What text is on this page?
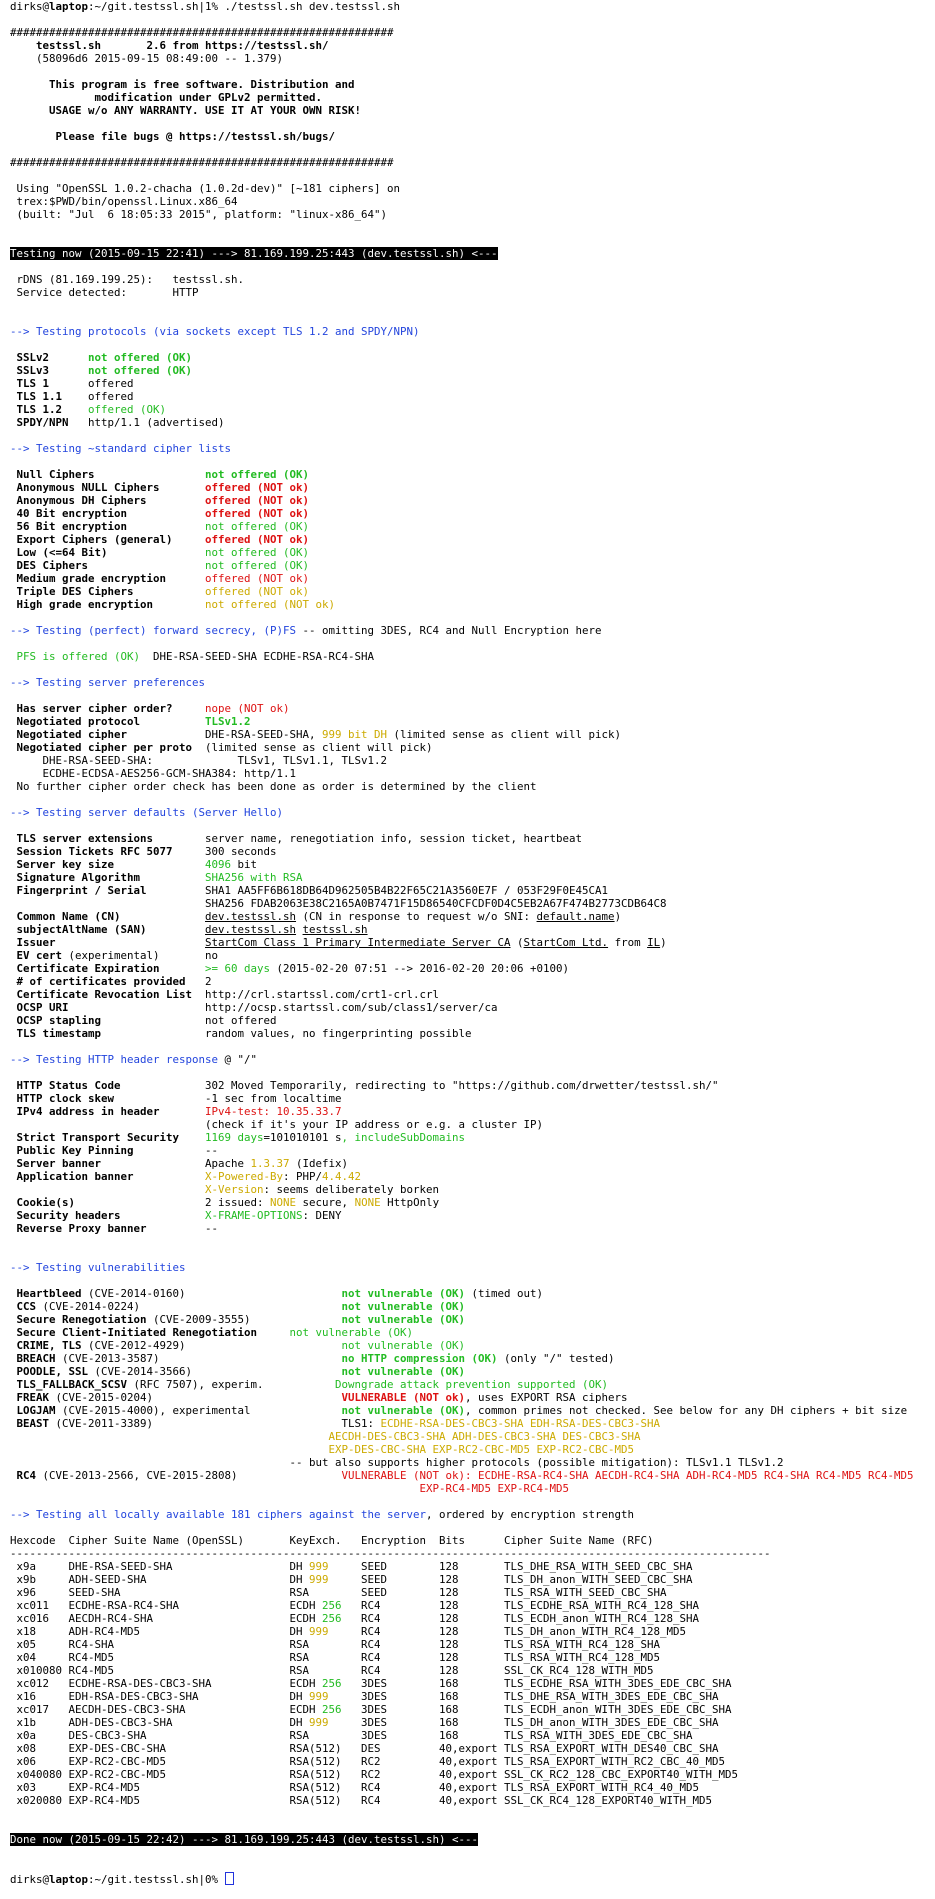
dirks@laptop:~/git.testssl.sh|1% ./testssl.sh dev.testssl.sh
###########################################################
testssl.sh       2.6 from https://testssl.sh/
(58096d6 2015-09-15 08:49:00 -- 1.379)
This program is free software. Distribution and
modification under GPLv2 permitted.
USAGE w/o ANY WARRANTY. USE IT AT YOUR OWN RISK!
Please file bugs @ https://testssl.sh/bugs/
###########################################################
Using "OpenSSL 1.0.2-chacha (1.0.2d-dev)" [~181 ciphers] on
trex:$PWD/bin/openssl.Linux.x86_64
(built: "Jul  6 18:05:33 2015", platform: "linux-x86_64")
Testing now (2015-09-15 22:41) ---> 81.169.199.25:443 (dev.testssl.sh) <---
rDNS (81.169.199.25):   testssl.sh.
Service detected:       HTTP
--> Testing protocols (via sockets except TLS 1.2 and SPDY/NPN)
SSLv2      not offered (OK)
SSLv3      not offered (OK)
TLS 1      offered
TLS 1.1    offered
TLS 1.2    offered (OK)
SPDY/NPN   http/1.1 (advertised)
--> Testing ~standard cipher lists
Null Ciphers                 not offered (OK)
Anonymous NULL Ciphers       offered (NOT ok)
Anonymous DH Ciphers         offered (NOT ok)
40 Bit encryption            offered (NOT ok)
56 Bit encryption            not offered (OK)
Export Ciphers (general)     offered (NOT ok)
Low (<=64 Bit)               not offered (OK)
DES Ciphers                  not offered (OK)
Medium grade encryption      offered (NOT ok)
Triple DES Ciphers           offered (NOT ok)
High grade encryption        not offered (NOT ok)
--> Testing (perfect) forward secrecy, (P)FS -- omitting 3DES, RC4 and Null Encryption here
PFS is offered (OK)  DHE-RSA-SEED-SHA ECDHE-RSA-RC4-SHA
--> Testing server preferences
Has server cipher order?     nope (NOT ok)
Negotiated protocol          TLSv1.2
Negotiated cipher            DHE-RSA-SEED-SHA, 999 bit DH (limited sense as client will pick)
Negotiated cipher per proto  (limited sense as client will pick)
DHE-RSA-SEED-SHA:             TLSv1, TLSv1.1, TLSv1.2
ECDHE-ECDSA-AES256-GCM-SHA384: http/1.1
No further cipher order check has been done as order is determined by the client
--> Testing server defaults (Server Hello)
TLS server extensions        server name, renegotiation info, session ticket, heartbeat
Session Tickets RFC 5077     300 seconds
Server key size              4096 bit
Signature Algorithm          SHA256 with RSA
Fingerprint / Serial         SHA1 AA5FF6B618DB64D962505B4B22F65C21A3560E7F / 053F29F0E45CA1
SHA256 FDAB2063E38C2165A0B7471F15D86540CFCDF0D4C5EB2A67F474B2773CDB64C8
Common Name (CN)             dev.testssl.sh (CN in response to request w/o SNI: default.name)
subjectAltName (SAN)         dev.testssl.sh testssl.sh
Issuer                       StartCom Class 1 Primary Intermediate Server CA (StartCom Ltd. from IL)
EV cert (experimental)       no
Certificate Expiration       >= 60 days (2015-02-20 07:51 --> 2016-02-20 20:06 +0100)
# of certificates provided   2
Certificate Revocation List  http://crl.startssl.com/crt1-crl.crl
OCSP URI                     http://ocsp.startssl.com/sub/class1/server/ca
OCSP stapling                not offered
TLS timestamp                random values, no fingerprinting possible
--> Testing HTTP header response @ "/"
HTTP Status Code             302 Moved Temporarily, redirecting to "https://github.com/drwetter/testssl.sh/"
HTTP clock skew              -1 sec from localtime
IPv4 address in header       IPv4-test: 10.35.33.7
(check if it's your IP address or e.g. a cluster IP)
Strict Transport Security    1169 days=101010101 s, includeSubDomains
Public Key Pinning           --
Server banner                Apache 1.3.37 (Idefix)
Application banner           X-Powered-By: PHP/4.4.42
X-Version: seems deliberately borken
Cookie(s)                    2 issued: NONE secure, NONE HttpOnly
Security headers             X-FRAME-OPTIONS: DENY
Reverse Proxy banner         --
--> Testing vulnerabilities
Heartbleed (CVE-2014-0160)                        not vulnerable (OK) (timed out)
CCS (CVE-2014-0224)                               not vulnerable (OK)
Secure Renegotiation (CVE-2009-3555)              not vulnerable (OK)
Secure Client-Initiated Renegotiation     not vulnerable (OK)
CRIME, TLS (CVE-2012-4929)                        not vulnerable (OK)
BREACH (CVE-2013-3587)                            no HTTP compression (OK) (only "/" tested)
POODLE, SSL (CVE-2014-3566)                       not vulnerable (OK)
TLS_FALLBACK_SCSV (RFC 7507), experim.           Downgrade attack prevention supported (OK)
FREAK (CVE-2015-0204)                             VULNERABLE (NOT ok), uses EXPORT RSA ciphers
LOGJAM (CVE-2015-4000), experimental              not vulnerable (OK), common primes not checked. See below for any DH ciphers + bit size
BEAST (CVE-2011-3389)                             TLS1: ECDHE-RSA-DES-CBC3-SHA EDH-RSA-DES-CBC3-SHA
AECDH-DES-CBC3-SHA ADH-DES-CBC3-SHA DES-CBC3-SHA
EXP-DES-CBC-SHA EXP-RC2-CBC-MD5 EXP-RC2-CBC-MD5
-- but also supports higher protocols (possible mitigation): TLSv1.1 TLSv1.2
RC4 (CVE-2013-2566, CVE-2015-2808)                VULNERABLE (NOT ok): ECDHE-RSA-RC4-SHA AECDH-RC4-SHA ADH-RC4-MD5 RC4-SHA RC4-MD5 RC4-MD5
EXP-RC4-MD5 EXP-RC4-MD5
--> Testing all locally available 181 ciphers against the server, ordered by encryption strength
Hexcode  Cipher Suite Name (OpenSSL)       KeyExch.   Encryption  Bits      Cipher Suite Name (RFC)
---------------------------------------------------------------------------------------------------------------------
x9a     DHE-RSA-SEED-SHA                  DH 999     SEED        128       TLS_DHE_RSA_WITH_SEED_CBC_SHA
x9b     ADH-SEED-SHA                      DH 999     SEED        128       TLS_DH_anon_WITH_SEED_CBC_SHA
x96     SEED-SHA                          RSA        SEED        128       TLS_RSA_WITH_SEED_CBC_SHA
xc011   ECDHE-RSA-RC4-SHA                 ECDH 256   RC4         128       TLS_ECDHE_RSA_WITH_RC4_128_SHA
xc016   AECDH-RC4-SHA                     ECDH 256   RC4         128       TLS_ECDH_anon_WITH_RC4_128_SHA
x18     ADH-RC4-MD5                       DH 999     RC4         128       TLS_DH_anon_WITH_RC4_128_MD5
x05     RC4-SHA                           RSA        RC4         128       TLS_RSA_WITH_RC4_128_SHA
x04     RC4-MD5                           RSA        RC4         128       TLS_RSA_WITH_RC4_128_MD5
x010080 RC4-MD5                           RSA        RC4         128       SSL_CK_RC4_128_WITH_MD5
xc012   ECDHE-RSA-DES-CBC3-SHA            ECDH 256   3DES        168       TLS_ECDHE_RSA_WITH_3DES_EDE_CBC_SHA
x16     EDH-RSA-DES-CBC3-SHA              DH 999     3DES        168       TLS_DHE_RSA_WITH_3DES_EDE_CBC_SHA
xc017   AECDH-DES-CBC3-SHA                ECDH 256   3DES        168       TLS_ECDH_anon_WITH_3DES_EDE_CBC_SHA
x1b     ADH-DES-CBC3-SHA                  DH 999     3DES        168       TLS_DH_anon_WITH_3DES_EDE_CBC_SHA
x0a     DES-CBC3-SHA                      RSA        3DES        168       TLS_RSA_WITH_3DES_EDE_CBC_SHA
x08     EXP-DES-CBC-SHA                   RSA(512)   DES         40,export TLS_RSA_EXPORT_WITH_DES40_CBC_SHA
x06     EXP-RC2-CBC-MD5                   RSA(512)   RC2         40,export TLS_RSA_EXPORT_WITH_RC2_CBC_40_MD5
x040080 EXP-RC2-CBC-MD5                   RSA(512)   RC2         40,export SSL_CK_RC2_128_CBC_EXPORT40_WITH_MD5
x03     EXP-RC4-MD5                       RSA(512)   RC4         40,export TLS_RSA_EXPORT_WITH_RC4_40_MD5
x020080 EXP-RC4-MD5                       RSA(512)   RC4         40,export SSL_CK_RC4_128_EXPORT40_WITH_MD5
Done now (2015-09-15 22:42) ---> 81.169.199.25:443 (dev.testssl.sh) <---
dirks@laptop:~/git.testssl.sh|0%
